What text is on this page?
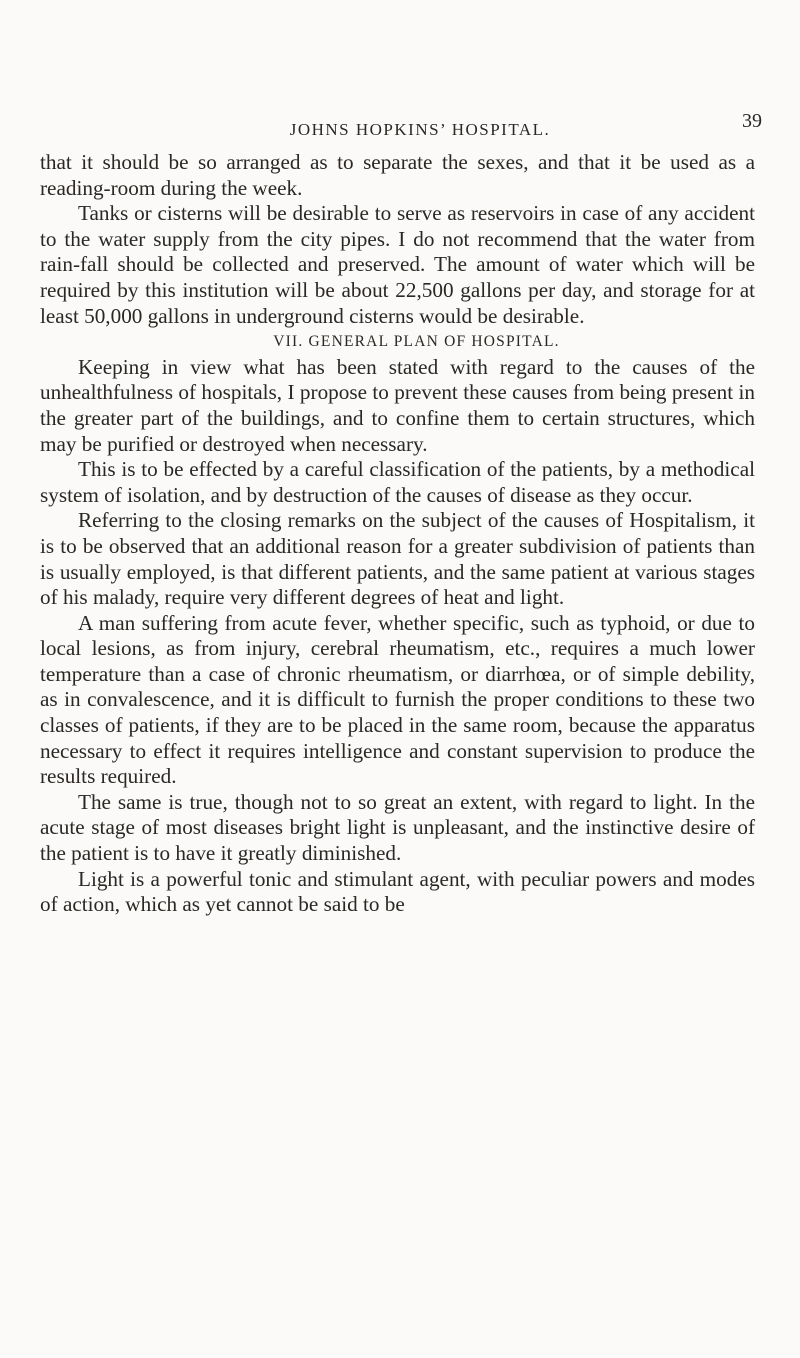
JOHNS HOPKINS’ HOSPITAL.	39

that it should be so arranged as to separate the sexes, and that it be used as a reading-room during the week.

Tanks or cisterns will be desirable to serve as reservoirs in case of any accident to the water supply from the city pipes. I do not recommend that the water from rain-fall should be collected and preserved. The amount of water which will be required by this institution will be about 22,500 gallons per day, and storage for at least 50,000 gallons in underground cisterns would be desirable.

VII. GENERAL PLAN OF HOSPITAL.

Keeping in view what has been stated with regard to the causes of the unhealthfulness of hospitals, I propose to prevent these causes from being present in the greater part of the buildings, and to confine them to certain structures, which may be purified or destroyed when necessary.

This is to be effected by a careful classification of the patients, by a methodical system of isolation, and by destruction of the causes of disease as they occur.

Referring to the closing remarks on the subject of the causes of Hospitalism, it is to be observed that an additional reason for a greater subdivision of patients than is usually employed, is that different patients, and the same patient at various stages of his malady, require very different degrees of heat and light.

A man suffering from acute fever, whether specific, such as typhoid, or due to local lesions, as from injury, cerebral rheumatism, etc., requires a much lower temperature than a case of chronic rheumatism, or diarrhœa, or of simple debility, as in convalescence, and it is difficult to furnish the proper conditions to these two classes of patients, if they are to be placed in the same room, because the apparatus necessary to effect it requires intelligence and constant supervision to produce the results required.

The same is true, though not to so great an extent, with regard to light. In the acute stage of most diseases bright light is unpleasant, and the instinctive desire of the patient is to have it greatly diminished.

Light is a powerful tonic and stimulant agent, with peculiar powers and modes of action, which as yet cannot be said to be
